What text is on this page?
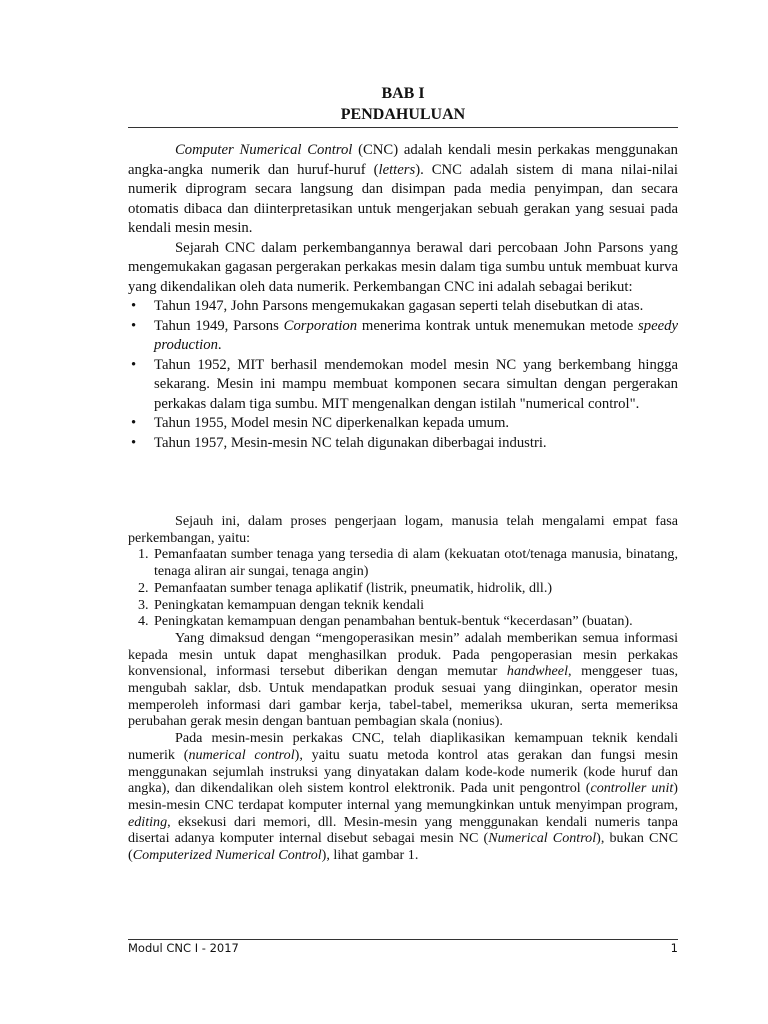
BAB I
PENDAHULUAN

Computer Numerical Control (CNC) adalah kendali mesin perkakas menggunakan angka-angka numerik dan huruf-huruf (letters). CNC adalah sistem di mana nilai-nilai numerik diprogram secara langsung dan disimpan pada media penyimpan, dan secara otomatis dibaca dan diinterpretasikan untuk mengerjakan sebuah gerakan yang sesuai pada kendali mesin mesin.

Sejarah CNC dalam perkembangannya berawal dari percobaan John Parsons yang mengemukakan gagasan pergerakan perkakas mesin dalam tiga sumbu untuk membuat kurva yang dikendalikan oleh data numerik. Perkembangan CNC ini adalah sebagai berikut:

• Tahun 1947, John Parsons mengemukakan gagasan seperti telah disebutkan di atas.
• Tahun 1949, Parsons Corporation menerima kontrak untuk menemukan metode speedy production.
• Tahun 1952, MIT berhasil mendemokan model mesin NC yang berkembang hingga sekarang. Mesin ini mampu membuat komponen secara simultan dengan pergerakan perkakas dalam tiga sumbu. MIT mengenalkan dengan istilah "numerical control".
• Tahun 1955, Model mesin NC diperkenalkan kepada umum.
• Tahun 1957, Mesin-mesin NC telah digunakan diberbagai industri.

Sejauh ini, dalam proses pengerjaan logam, manusia telah mengalami empat fasa perkembangan, yaitu:

1. Pemanfaatan sumber tenaga yang tersedia di alam (kekuatan otot/tenaga manusia, binatang, tenaga aliran air sungai, tenaga angin)
2. Pemanfaatan sumber tenaga aplikatif (listrik, pneumatik, hidrolik, dll.)
3. Peningkatan kemampuan dengan teknik kendali
4. Peningkatan kemampuan dengan penambahan bentuk-bentuk “kecerdasan” (buatan).

Yang dimaksud dengan “mengoperasikan mesin” adalah memberikan semua informasi kepada mesin untuk dapat menghasilkan produk. Pada pengoperasian mesin perkakas konvensional, informasi tersebut diberikan dengan memutar handwheel, menggeser tuas, mengubah saklar, dsb. Untuk mendapatkan produk sesuai yang diinginkan, operator mesin memperoleh informasi dari gambar kerja, tabel-tabel, memeriksa ukuran, serta memeriksa perubahan gerak mesin dengan bantuan pembagian skala (nonius).

Pada mesin-mesin perkakas CNC, telah diaplikasikan kemampuan teknik kendali numerik (numerical control), yaitu suatu metoda kontrol atas gerakan dan fungsi mesin menggunakan sejumlah instruksi yang dinyatakan dalam kode-kode numerik (kode huruf dan angka), dan dikendalikan oleh sistem kontrol elektronik. Pada unit pengontrol (controller unit) mesin-mesin CNC terdapat komputer internal yang memungkinkan untuk menyimpan program, editing, eksekusi dari memori, dll. Mesin-mesin yang menggunakan kendali numeris tanpa disertai adanya komputer internal disebut sebagai mesin NC (Numerical Control), bukan CNC (Computerized Numerical Control), lihat gambar 1.

Modul CNC I - 2017	1
